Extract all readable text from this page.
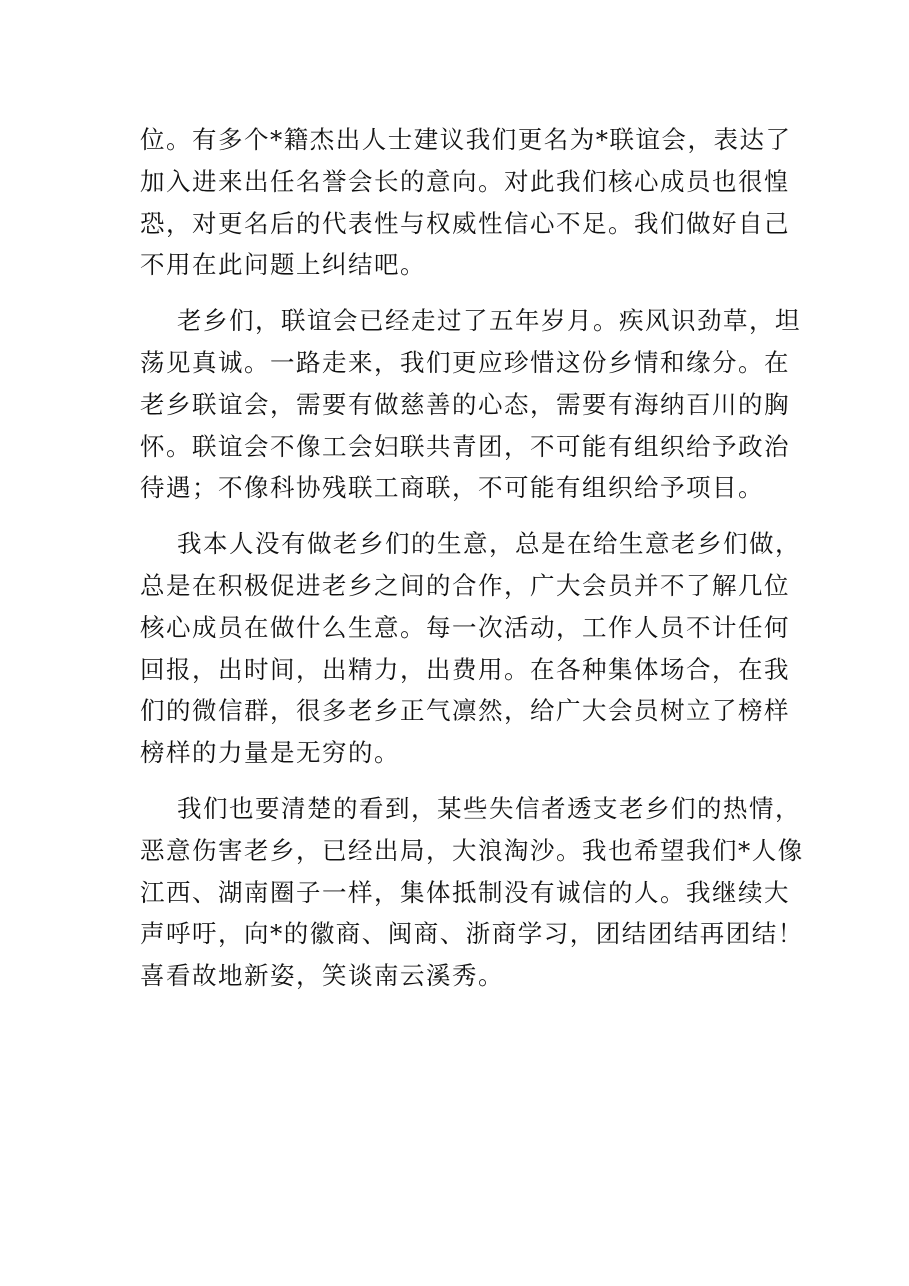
位。有多个*籍杰出人士建议我们更名为*联谊会，表达了
加入进来出任名誉会长的意向。对此我们核心成员也很惶
恐，对更名后的代表性与权威性信心不足。我们做好自己
不用在此问题上纠结吧。

老乡们，联谊会已经走过了五年岁月。疾风识劲草，坦
荡见真诚。一路走来，我们更应珍惜这份乡情和缘分。在
老乡联谊会，需要有做慈善的心态，需要有海纳百川的胸
怀。联谊会不像工会妇联共青团，不可能有组织给予政治
待遇；不像科协残联工商联，不可能有组织给予项目。

我本人没有做老乡们的生意，总是在给生意老乡们做，
总是在积极促进老乡之间的合作，广大会员并不了解几位
核心成员在做什么生意。每一次活动，工作人员不计任何
回报，出时间，出精力，出费用。在各种集体场合，在我
们的微信群，很多老乡正气凛然，给广大会员树立了榜样
榜样的力量是无穷的。

我们也要清楚的看到，某些失信者透支老乡们的热情，
恶意伤害老乡，已经出局，大浪淘沙。我也希望我们*人像
江西、湖南圈子一样，集体抵制没有诚信的人。我继续大
声呼吁，向*的徽商、闽商、浙商学习，团结团结再团结！
喜看故地新姿，笑谈南云溪秀。
